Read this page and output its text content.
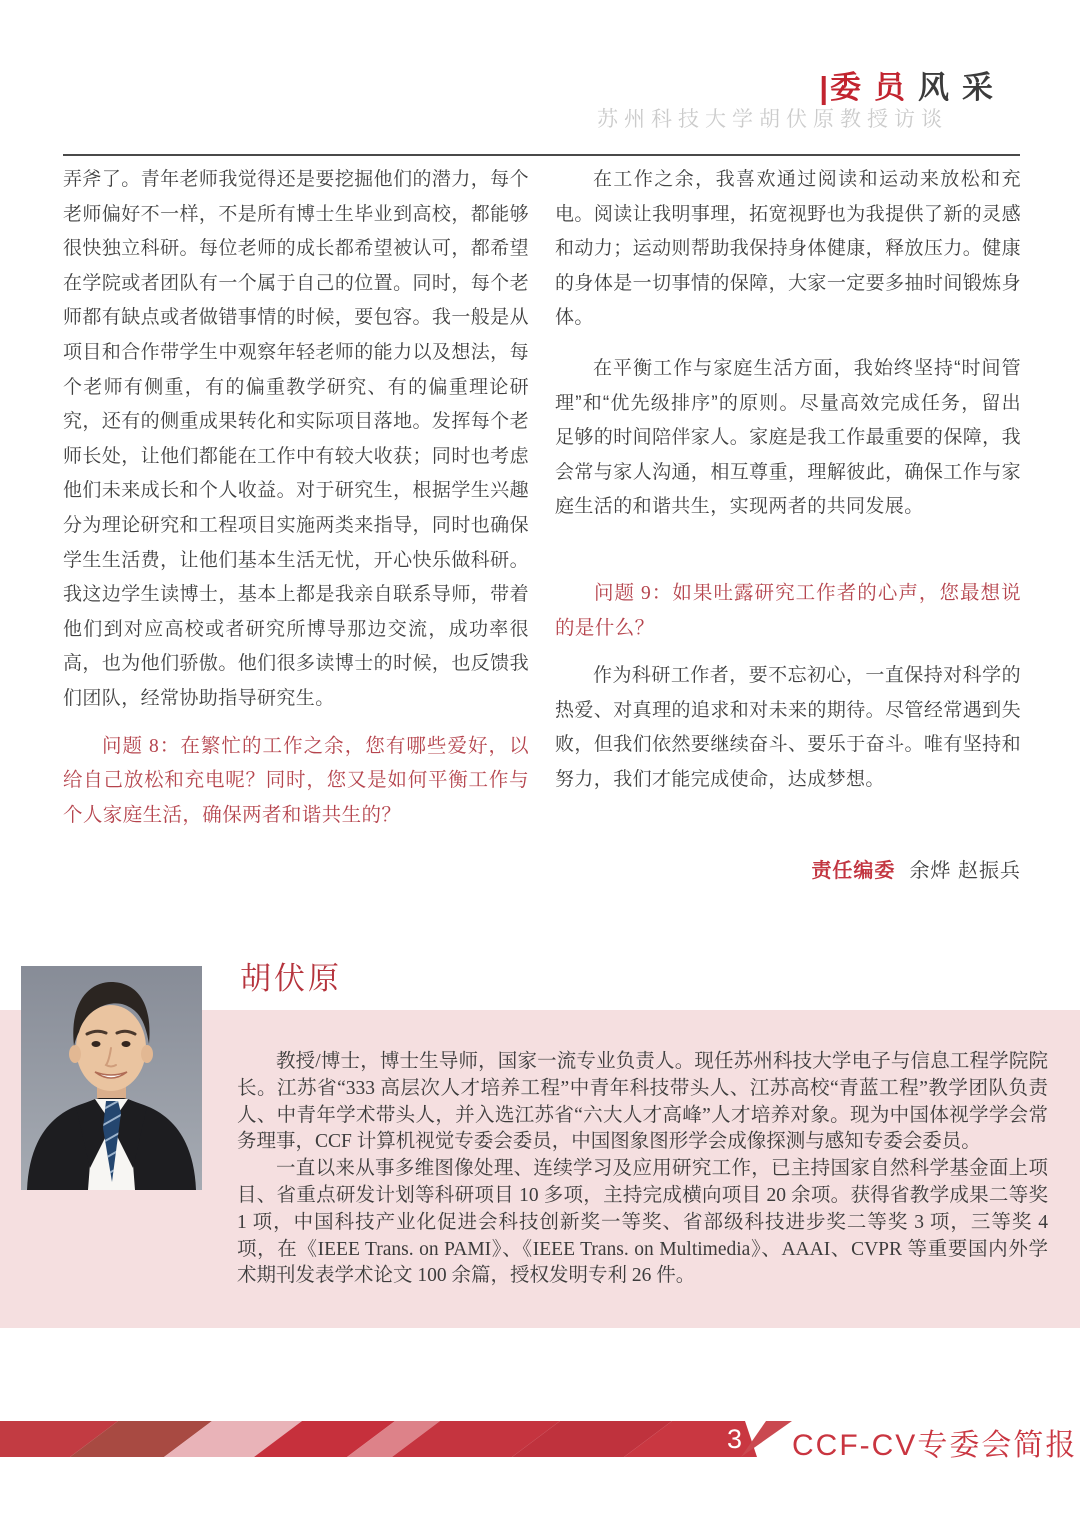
|委员风采
苏州科技大学胡伏原教授访谈

弄斧了。青年老师我觉得还是要挖掘他们的潜力，每个老师偏好不一样，不是所有博士生毕业到高校，都能够很快独立科研。每位老师的成长都希望被认可，都希望在学院或者团队有一个属于自己的位置。同时，每个老师都有缺点或者做错事情的时候，要包容。我一般是从项目和合作带学生中观察年轻老师的能力以及想法，每个老师有侧重，有的偏重教学研究、有的偏重理论研究，还有的侧重成果转化和实际项目落地。发挥每个老师长处，让他们都能在工作中有较大收获；同时也考虑他们未来成长和个人收益。对于研究生，根据学生兴趣分为理论研究和工程项目实施两类来指导，同时也确保学生生活费，让他们基本生活无忧，开心快乐做科研。我这边学生读博士，基本上都是我亲自联系导师，带着他们到对应高校或者研究所博导那边交流，成功率很高，也为他们骄傲。他们很多读博士的时候，也反馈我们团队，经常协助指导研究生。

问题 8：在繁忙的工作之余，您有哪些爱好，以给自己放松和充电呢？同时，您又是如何平衡工作与个人家庭生活，确保两者和谐共生的？

在工作之余，我喜欢通过阅读和运动来放松和充电。阅读让我明事理，拓宽视野也为我提供了新的灵感和动力；运动则帮助我保持身体健康，释放压力。健康的身体是一切事情的保障，大家一定要多抽时间锻炼身体。

在平衡工作与家庭生活方面，我始终坚持“时间管理”和“优先级排序”的原则。尽量高效完成任务，留出足够的时间陪伴家人。家庭是我工作最重要的保障，我会常与家人沟通，相互尊重，理解彼此，确保工作与家庭生活的和谐共生，实现两者的共同发展。

问题 9：如果吐露研究工作者的心声，您最想说的是什么？

作为科研工作者，要不忘初心，一直保持对科学的热爱、对真理的追求和对未来的期待。尽管经常遇到失败，但我们依然要继续奋斗、要乐于奋斗。唯有坚持和努力，我们才能完成使命，达成梦想。

责任编委 余烨 赵振兵

胡伏原

教授/博士，博士生导师，国家一流专业负责人。现任苏州科技大学电子与信息工程学院院长。江苏省“333 高层次人才培养工程”中青年科技带头人、江苏高校“青蓝工程”教学团队负责人、中青年学术带头人，并入选江苏省“六大人才高峰”人才培养对象。现为中国体视学学会常务理事，CCF 计算机视觉专委会委员，中国图象图形学会成像探测与感知专委会委员。

一直以来从事多维图像处理、连续学习及应用研究工作，已主持国家自然科学基金面上项目、省重点研发计划等科研项目 10 多项，主持完成横向项目 20 余项。获得省教学成果二等奖 1 项，中国科技产业化促进会科技创新奖一等奖、省部级科技进步奖二等奖 3 项，三等奖 4 项，在《IEEE Trans. on PAMI》、《IEEE Trans. on Multimedia》、AAAI、CVPR 等重要国内外学术期刊发表学术论文 100 余篇，授权发明专利 26 件。

3 CCF-CV专委会简报
